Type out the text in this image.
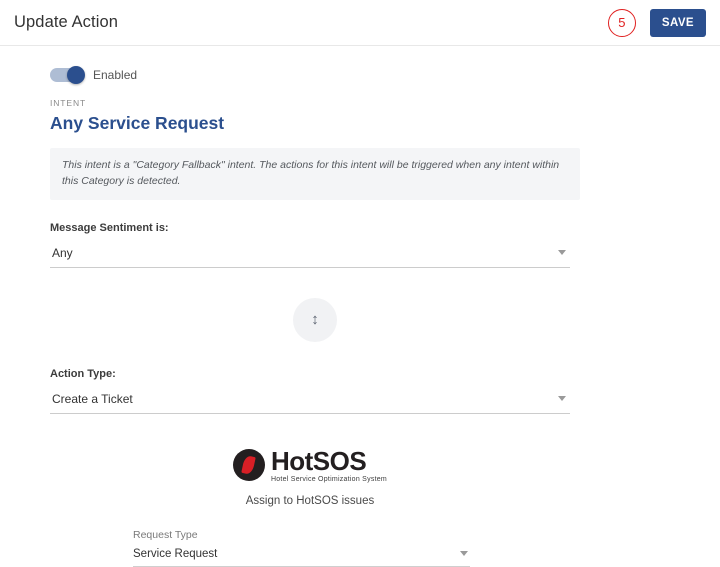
Update Action	5	SAVE
Enabled
INTENT
Any Service Request
This intent is a "Category Fallback" intent. The actions for this intent will be triggered when any intent within this Category is detected.
Message Sentiment is:
Any
↕
Action Type:
Create a Ticket
HotSOS
Hotel Service Optimization System
Assign to HotSOS issues
Request Type
Service Request
